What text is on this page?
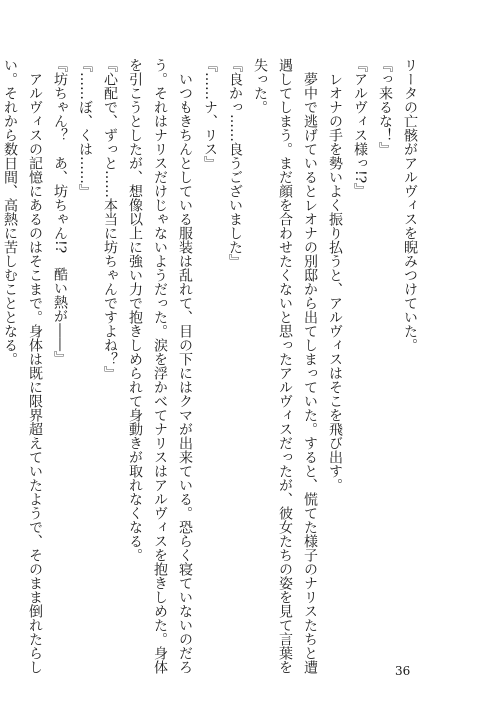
リータの亡骸がアルヴィスを睨みつけていた。
『っ来るな！』
『アルヴィス様っ!?』
　レオナの手を勢いよく振り払うと、アルヴィスはそこを飛び出す。
　夢中で逃げているとレオナの別邸から出てしまっていた。すると、慌てた様子のナリスたちと遭
遇してしまう。まだ顔を合わせたくないと思ったアルヴィスだったが、彼女たちの姿を見て言葉を
失った。
『良かっ……良うございました』
『……ナ、リス』
　いつもきちんとしている服装は乱れて、目の下にはクマが出来ている。恐らく寝ていないのだろ
う。それはナリスだけじゃないようだった。涙を浮かべてナリスはアルヴィスを抱きしめた。身体
を引こうとしたが、想像以上に強い力で抱きしめられて身動きが取れなくなる。
『心配で、ずっと……本当に坊ちゃんですよね？』
『……ぼ、くは……』
『坊ちゃん？　あ、坊ちゃん!?　酷い熱が――』
　アルヴィスの記憶にあるのはそこまで。身体は既に限界超えていたようで、そのまま倒れたらし
い。それから数日間、高熱に苦しむこととなる。
36
